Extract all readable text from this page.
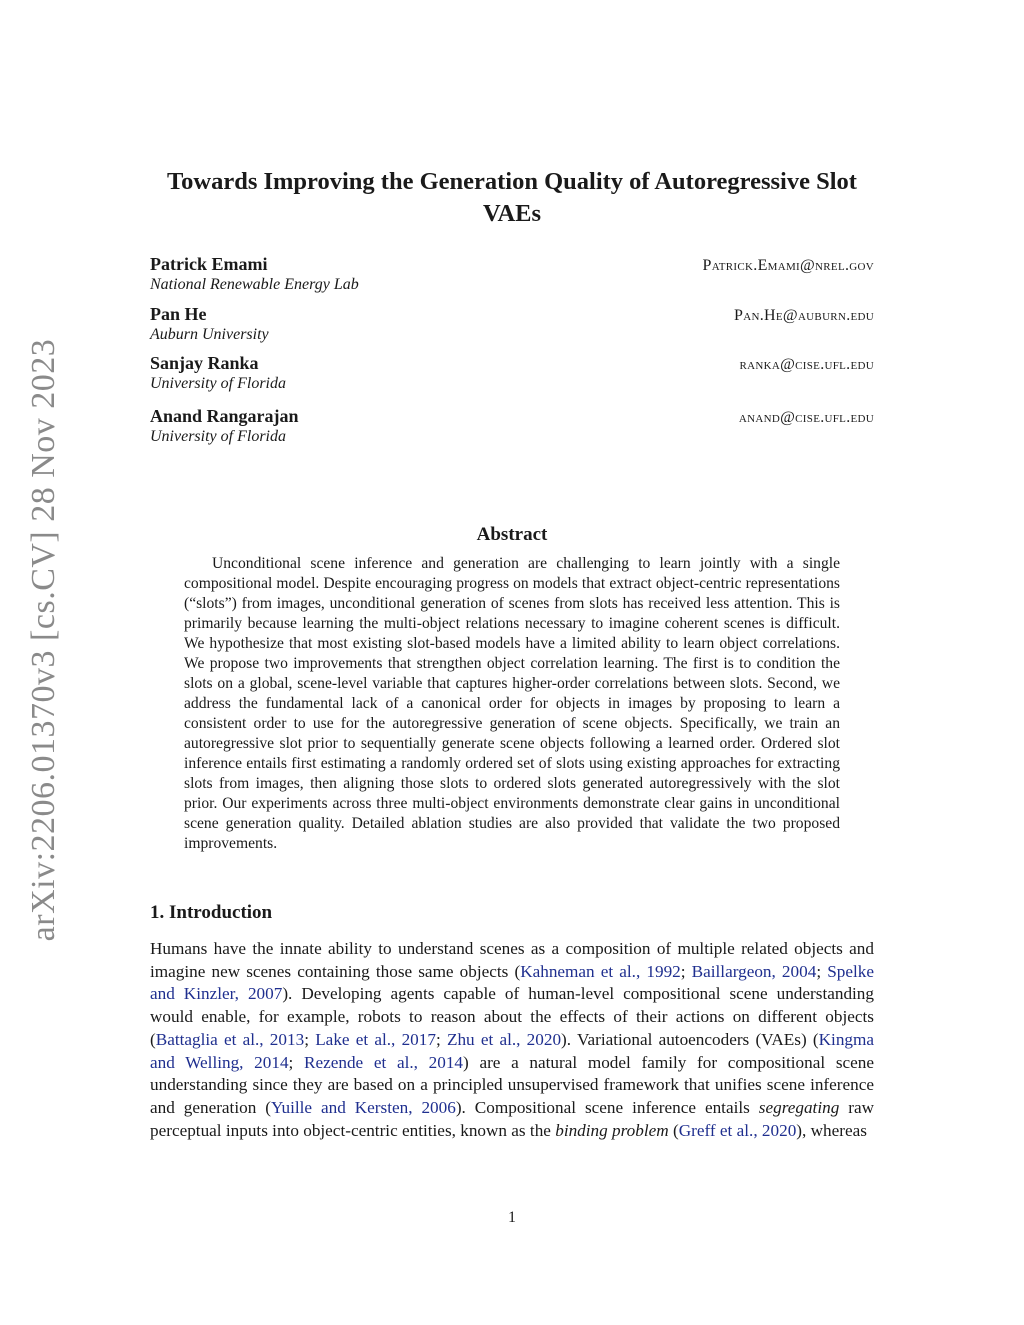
arXiv:2206.01370v3 [cs.CV] 28 Nov 2023
Towards Improving the Generation Quality of Autoregressive Slot VAEs
Patrick Emami	Patrick.Emami@nrel.gov
National Renewable Energy Lab
Pan He	Pan.He@auburn.edu
Auburn University
Sanjay Ranka	ranka@cise.ufl.edu
University of Florida
Anand Rangarajan	anand@cise.ufl.edu
University of Florida
Abstract

Unconditional scene inference and generation are challenging to learn jointly with a single compositional model. Despite encouraging progress on models that extract object-centric representations (“slots”) from images, unconditional generation of scenes from slots has received less attention. This is primarily because learning the multi-object relations necessary to imagine coherent scenes is difficult. We hypothesize that most existing slot-based models have a limited ability to learn object correlations. We propose two improvements that strengthen object correlation learning. The first is to condition the slots on a global, scene-level variable that captures higher-order correlations between slots. Second, we address the fundamental lack of a canonical order for objects in images by proposing to learn a consistent order to use for the autoregressive generation of scene objects. Specifically, we train an autoregressive slot prior to sequentially generate scene objects following a learned order. Ordered slot inference entails first estimating a randomly ordered set of slots using existing approaches for extracting slots from images, then aligning those slots to ordered slots generated autoregressively with the slot prior. Our experiments across three multi-object environments demonstrate clear gains in unconditional scene generation quality. Detailed ablation studies are also provided that validate the two proposed improvements.

1. Introduction

Humans have the innate ability to understand scenes as a composition of multiple related objects and imagine new scenes containing those same objects (Kahneman et al., 1992; Baillargeon, 2004; Spelke and Kinzler, 2007). Developing agents capable of human-level compositional scene understanding would enable, for example, robots to reason about the effects of their actions on different objects (Battaglia et al., 2013; Lake et al., 2017; Zhu et al., 2020). Variational autoencoders (VAEs) (Kingma and Welling, 2014; Rezende et al., 2014) are a natural model family for compositional scene understanding since they are based on a principled unsupervised framework that unifies scene inference and generation (Yuille and Kersten, 2006). Compositional scene inference entails segregating raw perceptual inputs into object-centric entities, known as the binding problem (Greff et al., 2020), whereas

1
